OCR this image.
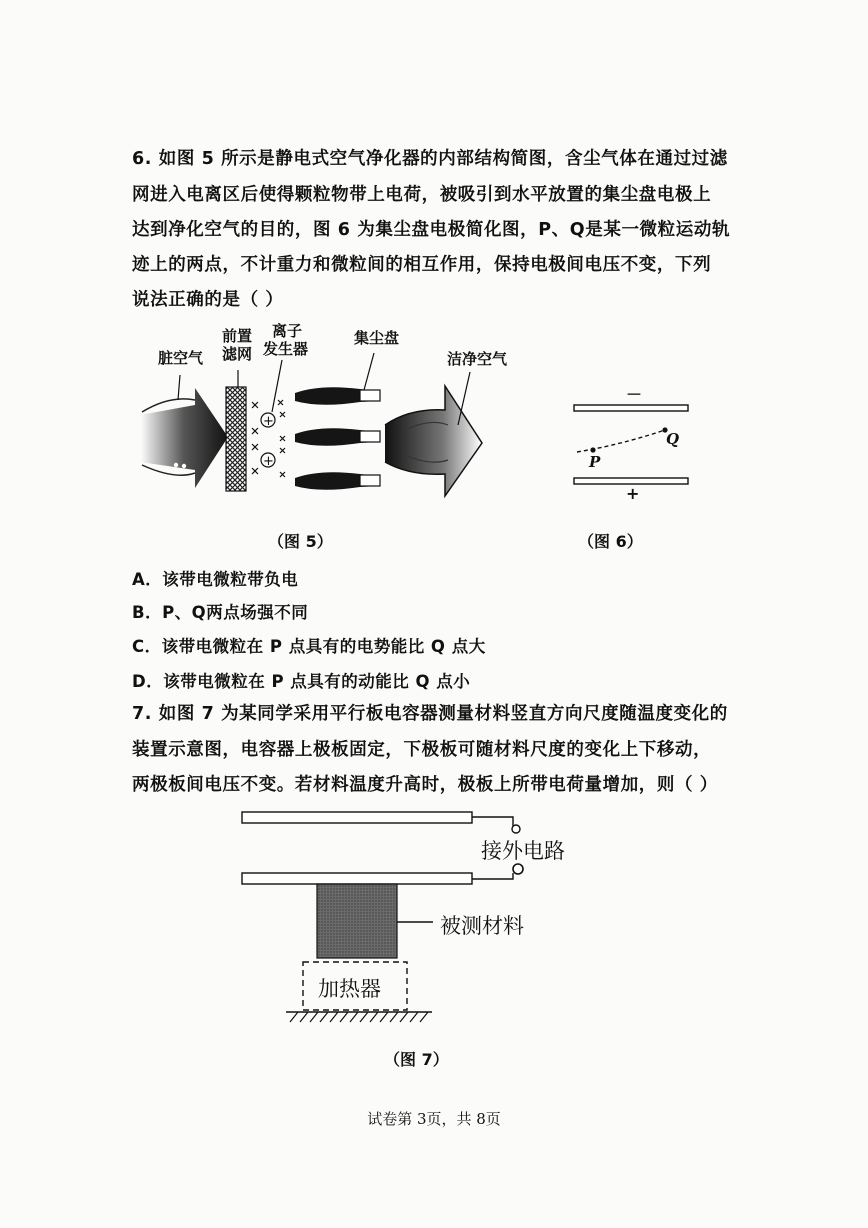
6. 如图 5 所示是静电式空气净化器的内部结构简图，含尘气体在通过过滤
网进入电离区后使得颗粒物带上电荷，被吸引到水平放置的集尘盘电极上
达到净化空气的目的，图 6 为集尘盘电极简化图，P、Q是某一微粒运动轨
迹上的两点，不计重力和微粒间的相互作用，保持电极间电压不变，下列
说法正确的是（ ）
+
+
脏空气
前置
滤网
离子
发生器
集尘盘
洁净空气
（图 5）
－
+
P
Q
（图 6）
A．该带电微粒带负电
B．P、Q两点场强不同
C．该带电微粒在 P 点具有的电势能比 Q 点大
D．该带电微粒在 P 点具有的动能比 Q 点小
7. 如图 7 为某同学采用平行板电容器测量材料竖直方向尺度随温度变化的
装置示意图，电容器上极板固定，下极板可随材料尺度的变化上下移动，
两极板间电压不变。若材料温度升高时，极板上所带电荷量增加，则（ ）
接外电路
被测材料
加热器
（图 7）
试卷第 3页，共 8页
